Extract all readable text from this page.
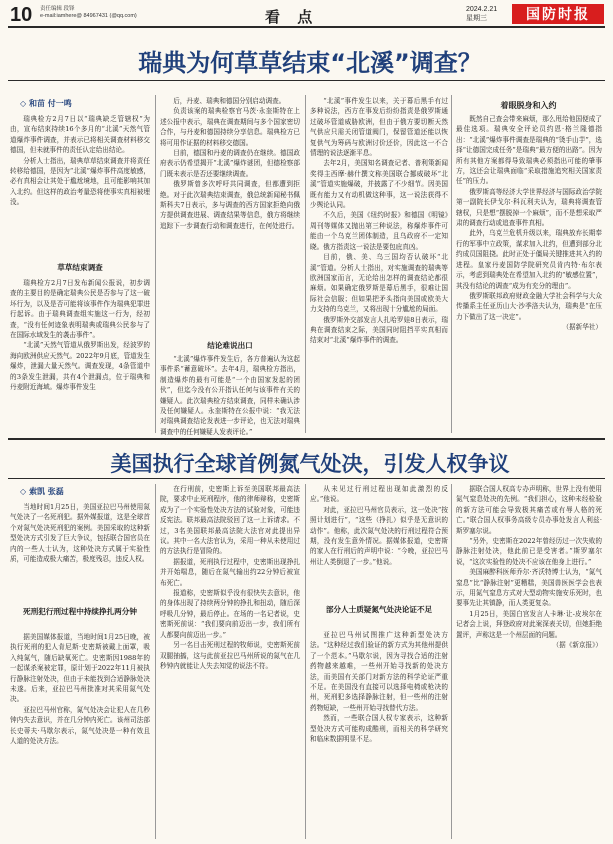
10 责任编辑 段锋
e-mail:iamhere@ 84967431 (@qq.com)	看 点	2024.2.21
星期三	国防时报
瑞典为何草草结束“北溪”调查？
◇ 和苗 付一鸣

瑞典检方2月7日以“瑞典缺乏管辖权”为由，宣布结束持续16个多月的“北溪”天然气管道爆炸事件调查，并表示已将相关调查材料移交德国，但未就事件的责任认定给出结论。

分析人士指出，瑞典草草结束调查并将责任转移给德国，是因为“北溪”爆炸事件高度敏感，必有真相会让其处于尴尬境地，且可能影响其加入北约。但这样的政治考量恐将使事实真相被埋没。

草草结束调查

瑞典检方2月7日发布新闻公报说，初步调查的主要目的是确定瑞典公民是否参与了这一破坏行为，以及是否可能将该事件作为瑞典犯罪进行起诉。由于瑞典调查组实施这一行为，经初查，“没有任何迹象表明瑞典或瑞典公民参与了在国际水域发生的袭击事件”。

“北溪”天然气管道从俄罗斯出发，经波罗的海向欧洲供应天然气。2022年9月底，管道发生爆炸，泄漏大量天然气。调查发现，4条管道中的3条发生泄漏，共有4个泄漏点，位于瑞典和丹麦附近海域。爆炸事件发生

后，丹麦、瑞典和德国分别启动调查。

负责该案的瑞典检察官马茨·永奎斯特在上述公报中表示，瑞典在调查期间与多个国家密切合作，与丹麦和德国持续分享信息。瑞典检方已将可用作证据的材料移交德国。

目前，德国和丹麦的调查仍在继续。德国政府表示仍希望揭开“北溪”爆炸谜团，但德检察部门既未表示是否还要继续调查。

俄罗斯曾多次呼吁共同调查，但都遭到拒绝。对于此次瑞典结束调查，俄总统新闻秘书佩斯科夫7日表示，多与调查的西方国家拒绝向俄方提供调查进展、调查结果等信息，俄方将继续追踪下一步调查行动和调查进行，在何处进行。

结论难说出口

“北溪”爆炸事件发生后，各方普遍认为这起事件系“蓄意破坏”。去年4月，瑞典检方指出，制造爆炸的最有可能是“一个由国家发起的团伙”，但迄今没有公开指认任何与该事件有关的嫌疑人。此次瑞典检方结束调查，同样未确认涉及任何嫌疑人。永奎斯特在公报中说：“我无法对瑞典调查结论发表进一步评论，也无法对瑞典调查中的任何嫌疑人发表评论。”

“北溪”事件发生以来，关于幕后黑手有过多种说法，西方在事发后纷纷指责是俄罗斯通过破坏管道威胁欧洲，但由于俄方要切断天然气供应只需关闭管道阀门，保留管道还能以恢复供气为筹码与欧洲讨价还价，因此这一不合情理的说法逐渐平息。

去年2月，美国知名调查记者、普利策新闻奖得主西摩·赫什撰文称美国联合挪威破坏“北溪”管道实施爆破，并披露了不少细节。因美国既有能力又有动机做这种事，这一说法获得不少舆论认同。

不久后，美国《纽约时报》和德国《明镜》周刊等媒体又抛出第三种说法，称爆炸事件可能由一个乌克兰团体制造，且乌政府不一定知晓。俄方指责这一说法是要包庇真凶。

目前，俄、美、乌三国均否认破坏“北溪”管道。分析人士指出，对实施调查的瑞典等欧洲国家而言，无论给出怎样的调查结论都很麻烦。如果确定俄罗斯是幕后黑手，很难让国际社会信服；但如果把矛头指向美国或欧美大力支持的乌克兰，又将出现十分尴尬的局面。

俄罗斯外交部发言人扎哈罗娃8日表示，瑞典在调查结束之际，美国同时阻挡平实真相而结束对“北溪”爆炸事件的调查。

着眼脱身和入约

既然自己查会带来麻烦，那么甩给他国便成了最佳选项。瑞典安全评论员约恩·格兰隆德指出：“北溪”爆炸事件调查是瑞典的“烫手山芋”，选择“让德国完成任务”是瑞典“最方便的出路”。因为所有其他方案都得导致瑞典必须指出可能的肇事方，这还会让瑞典面临“采取措施追究相关国家责任”的压力。

俄罗斯高等经济大学世界经济与国际政治学院第一副院长伊戈尔·科瓦利夫认为，瑞典将调查管辖权，只是想“摆脱掉一个麻烦”，而不是想采取严肃的调查行动或追查事件真相。

此外，乌克兰危机升级以来，瑞典放弃长期奉行的军事中立政策，谋求加入北约，但遭到部分北约成员国阻挠。此时正处于僵局关键推进其入约的进程。皇家丹麦国防学院研究员肯内特·布尔表示，考虑到瑞典处在希望加入北约的“敏感位置”，其没有结论的调查“成为有充分的理由”。

俄罗斯联邦政府财政金融大学社会科学与大众传播系主任亚历山大·沙季洛夫认为，瑞典是“在压力下做出了这一决定”。

（据新华社）

美国执行全球首例氮气处决，引发人权争议
◇ 索凯 张磊

当地时间1月25日，美国亚拉巴马州使用氮气处决了一名死刑犯。据外媒报道，这是全球首个对氮气处决死刑犯的案例。美国采取的这种新型处决方式引发了巨大争议，包括联合国官员在内的一些人士认为，这种处决方式属于实验性质，可能造成极大痛苦，极度残忍，违反人权。

死刑犯行刑过程中持续挣扎两分钟

据美国媒体报道，当地时间1月25日晚，被执行死刑的犯人肯尼斯·史密斯被戴上面罩，吸入纯氮气，随后缺氧死亡。史密斯因1988年的一起谋杀案被定罪，原计划于2022年11月被执行静脉注射处决，但由于未能找到合适静脉处决未遂。后来，亚拉巴马州批准对其采用氮气处决。

亚拉巴马州官称，氮气处决会让犯人在几秒钟内失去意识，并在几分钟内死亡。该州司法部长史蒂夫·马歇尔表示，氮气处决是一种有效且人道的处决方法。

在行刑前，史密斯上诉至美国联邦最高法院，要求中止死刑程序，他的律师辩称，史密斯成为了一个实验性处决方法的试验对象，可能违反宪法。联邦最高法院驳回了这一上诉请求。不过，3名美国联邦最高法院大法官对此提出异议。其中一名大法官认为，采用一种从未使用过的方法执行是冒险的。

据报道，死刑执行过程中，史密斯出现挣扎并开始喘息，随后在氮气输出约22分钟后被宣布死亡。

报道称，史密斯似乎没有很快失去意识，他的身体出现了持续两分钟的挣扎和扭动，随后深呼吸几分钟，最后停止。在场的一名记者说，史密斯死前说：“我们要向前迈出一步，我们所有人都要向前迈出一步。”

另一名目击死刑过程的牧师说，史密斯死前双腿抽搐，这与此前亚拉巴马州所说的氮气在几秒钟内就能让人失去知觉的说法不符。

从未见过行刑过程出现如此激烈的反应。”他说。

对此，亚拉巴马州官员表示，这一处决“按照计划进行”，“这些（挣扎）似乎是无意识的动作”。他称，此次氮气处决的行刑过程符合预期，没有发生意外情况。据媒体报道，史密斯的家人在行刑后的声明中说：“今晚，亚拉巴马州让人类倒退了一步。”他说。

部分人士质疑氮气处决论证不足

亚拉巴马州试图推广这种新型处决方法。“这种经过我们验证的新方式为其他州提供了一个范本。”马歇尔说，因为寻找合适的注射药物越来越难，一些州开始寻找新的处决方法，而美国有关部门对新方法的科学论证严重不足。在美国没有直接可以选择电椅或枪决的州，死刑犯多选择静脉注射，但一些州的注射药物短缺，一些州开始寻找替代方法。

然而，一些联合国人权专家表示，这种新型处决方式可能构成酷刑，而相关的科学研究和临床数据明显不足。

据联合国人权高专办声明称，世界上没有使用氮气窒息处决的先例。“我们担心，这种未经检验的新方法可能会导致极其痛苦或有辱人格的死亡。”联合国人权事务高级专员办事处发言人利兹·斯罗塞尔说。

“另外，史密斯在2022年曾经历过一次失败的静脉注射处决，他此前已是受害者。”斯罗塞尔说，“这次实验性的处决不应该在他身上进行。”

美国麻醉科医师乔尔·齐沃特博士认为，“氮气窒息”比“静脉注射”更糟糕，美国兽医医学会也表示，用氮气窒息方式对大型动物实施安乐死时，也要事先让其镇静，而人类更复杂。

1月25日，美国白宫发言人卡琳·让-皮埃尔在记者会上说，拜登政府对此案深表关切，但她拒绝置评，声称这是一个州层面的问题。

（据《新京报》）
